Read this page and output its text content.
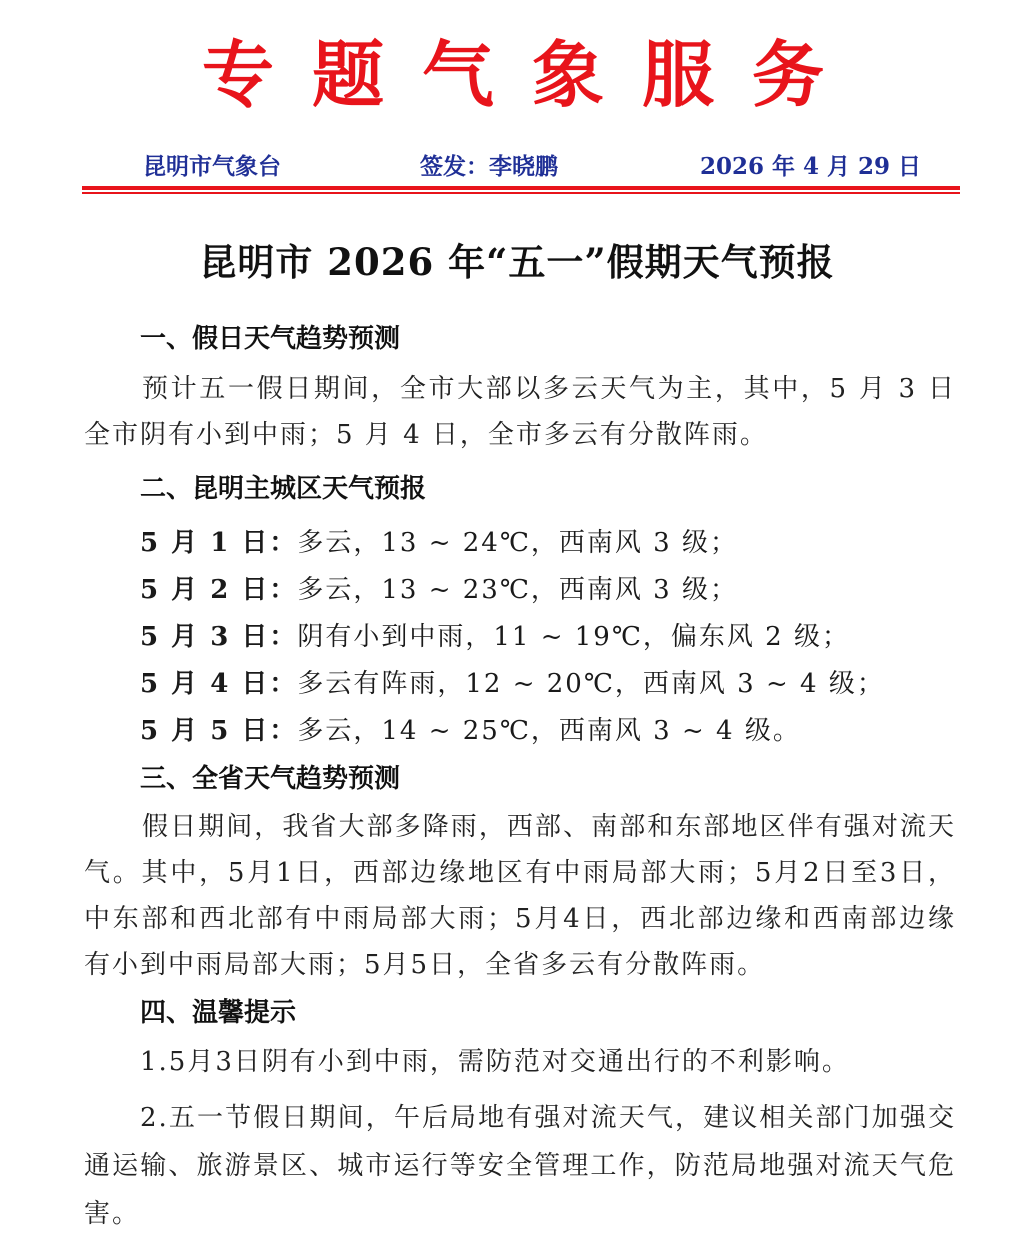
专题气象服务
昆明市气象台	签发：李晓鹏	2026 年 4 月 29 日
昆明市 2026 年“五一”假期天气预报
一、假日天气趋势预测
预计五一假日期间，全市大部以多云天气为主，其中，5 月 3 日全市阴有小到中雨；5 月 4 日，全市多云有分散阵雨。
二、昆明主城区天气预报
5 月 1 日：多云，13 ~ 24℃，西南风 3 级；
5 月 2 日：多云，13 ~ 23℃，西南风 3 级；
5 月 3 日：阴有小到中雨，11 ~ 19℃，偏东风 2 级；
5 月 4 日：多云有阵雨，12 ~ 20℃，西南风 3 ~ 4 级；
5 月 5 日：多云，14 ~ 25℃，西南风 3 ~ 4 级。
三、全省天气趋势预测
假日期间，我省大部多降雨，西部、南部和东部地区伴有强对流天气。其中，5月1日，西部边缘地区有中雨局部大雨；5月2日至3日，中东部和西北部有中雨局部大雨；5月4日，西北部边缘和西南部边缘有小到中雨局部大雨；5月5日，全省多云有分散阵雨。
四、温馨提示
1.5月3日阴有小到中雨，需防范对交通出行的不利影响。
2.五一节假日期间，午后局地有强对流天气，建议相关部门加强交通运输、旅游景区、城市运行等安全管理工作，防范局地强对流天气危害。
